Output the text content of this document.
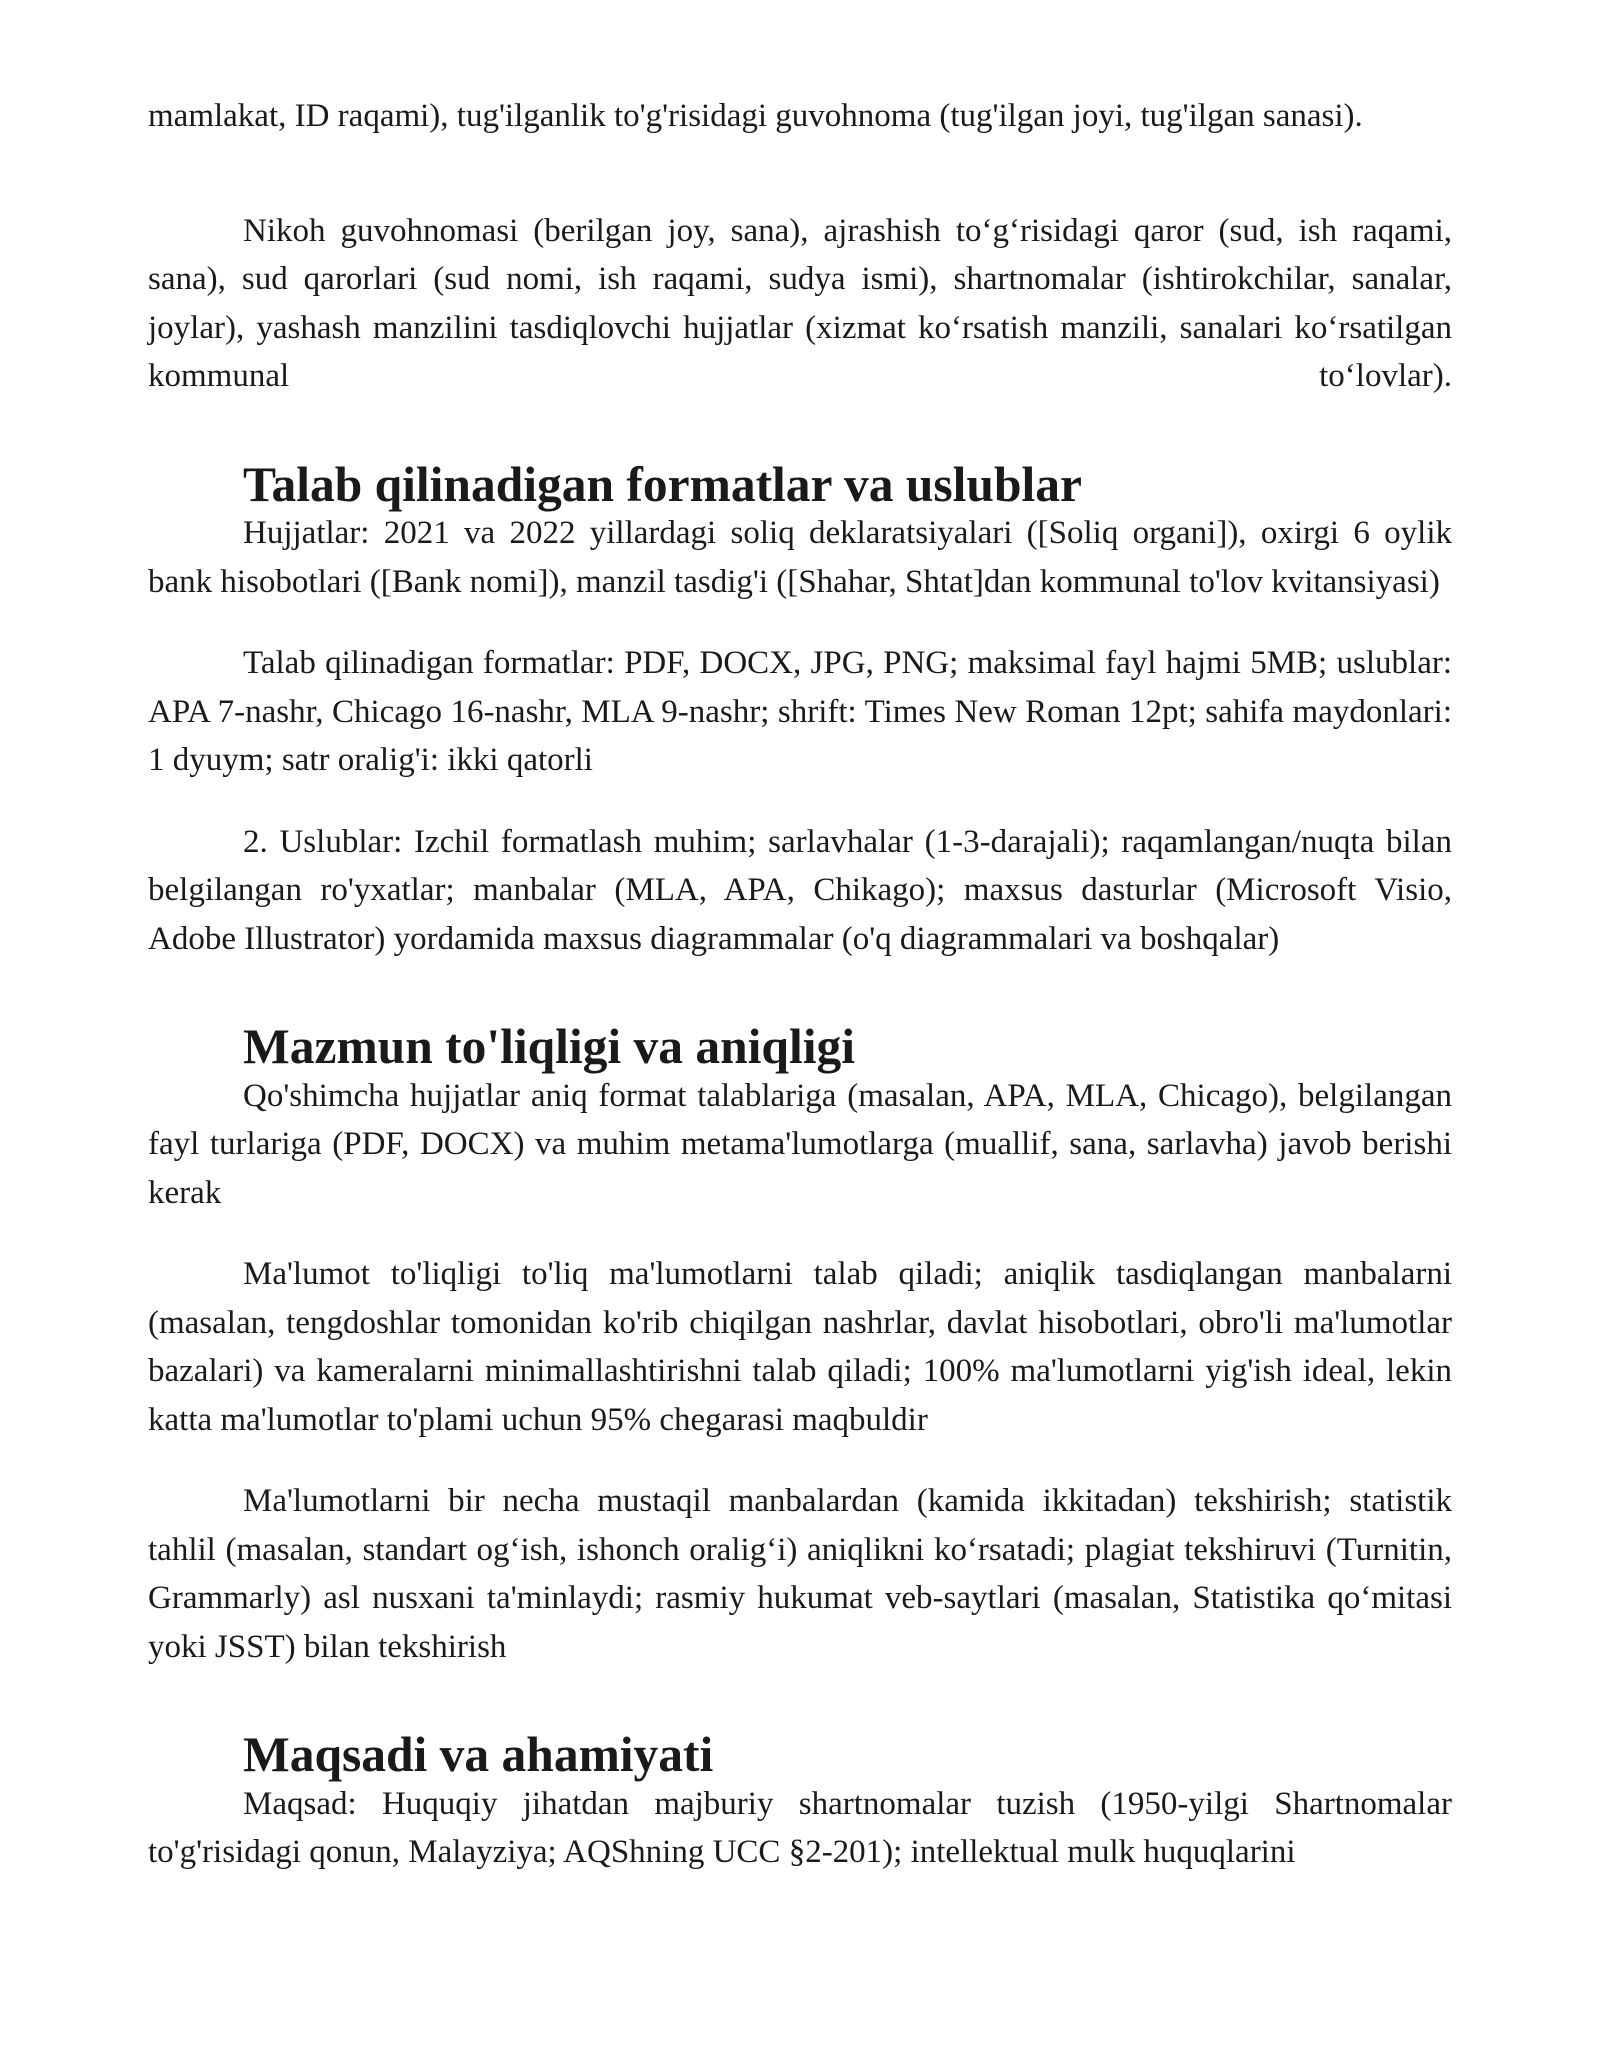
mamlakat, ID raqami), tug'ilganlik to'g'risidagi guvohnoma (tug'ilgan joyi, tug'ilgan sanasi).

Nikoh guvohnomasi (berilgan joy, sana), ajrashish to‘g‘risidagi qaror (sud, ish raqami, sana), sud qarorlari (sud nomi, ish raqami, sudya ismi), shartnomalar (ishtirokchilar, sanalar, joylar), yashash manzilini tasdiqlovchi hujjatlar (xizmat ko‘rsatish manzili, sanalari ko‘rsatilgan kommunal to‘lovlar).

Talab qilinadigan formatlar va uslublar

Hujjatlar: 2021 va 2022 yillardagi soliq deklaratsiyalari ([Soliq organi]), oxirgi 6 oylik bank hisobotlari ([Bank nomi]), manzil tasdig'i ([Shahar, Shtat]dan kommunal to'lov kvitansiyasi)

Talab qilinadigan formatlar: PDF, DOCX, JPG, PNG; maksimal fayl hajmi 5MB; uslublar: APA 7-nashr, Chicago 16-nashr, MLA 9-nashr; shrift: Times New Roman 12pt; sahifa maydonlari: 1 dyuym; satr oralig'i: ikki qatorli

2. Uslublar: Izchil formatlash muhim; sarlavhalar (1-3-darajali); raqamlangan/nuqta bilan belgilangan ro'yxatlar; manbalar (MLA, APA, Chikago); maxsus dasturlar (Microsoft Visio, Adobe Illustrator) yordamida maxsus diagrammalar (o'q diagrammalari va boshqalar)

Mazmun to'liqligi va aniqligi

Qo'shimcha hujjatlar aniq format talablariga (masalan, APA, MLA, Chicago), belgilangan fayl turlariga (PDF, DOCX) va muhim metama'lumotlarga (muallif, sana, sarlavha) javob berishi kerak

Ma'lumot to'liqligi to'liq ma'lumotlarni talab qiladi; aniqlik tasdiqlangan manbalarni (masalan, tengdoshlar tomonidan ko'rib chiqilgan nashrlar, davlat hisobotlari, obro'li ma'lumotlar bazalari) va kameralarni minimallashtirishni talab qiladi; 100% ma'lumotlarni yig'ish ideal, lekin katta ma'lumotlar to'plami uchun 95% chegarasi maqbuldir

Ma'lumotlarni bir necha mustaqil manbalardan (kamida ikkitadan) tekshirish; statistik tahlil (masalan, standart og‘ish, ishonch oralig‘i) aniqlikni ko‘rsatadi; plagiat tekshiruvi (Turnitin, Grammarly) asl nusxani ta'minlaydi; rasmiy hukumat veb-saytlari (masalan, Statistika qo‘mitasi yoki JSST) bilan tekshirish

Maqsadi va ahamiyati

Maqsad: Huquqiy jihatdan majburiy shartnomalar tuzish (1950-yilgi Shartnomalar to'g'risidagi qonun, Malayziya; AQShning UCC §2-201); intellektual mulk huquqlarini
